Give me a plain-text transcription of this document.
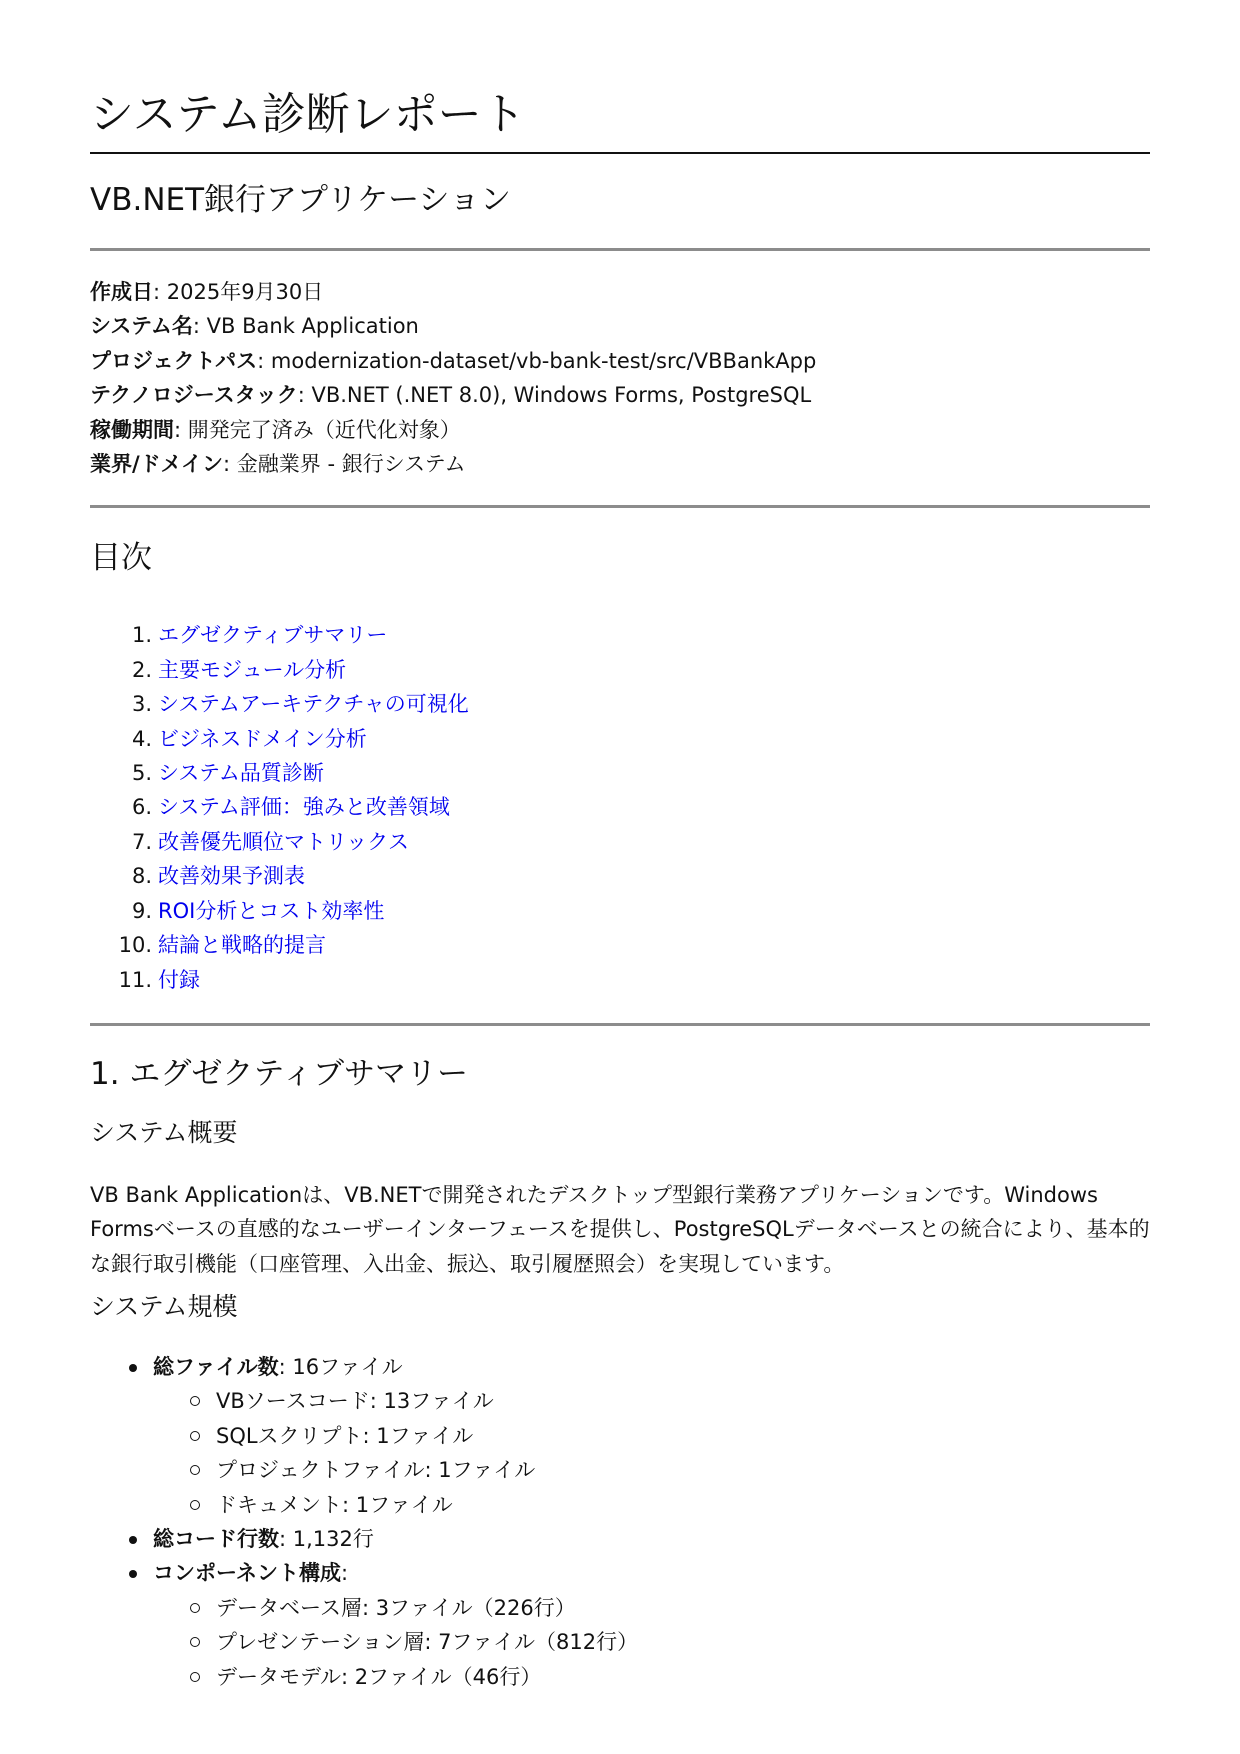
システム診断レポート
VB.NET銀行アプリケーション
作成日: 2025年9月30日
システム名: VB Bank Application
プロジェクトパス: modernization-dataset/vb-bank-test/src/VBBankApp
テクノロジースタック: VB.NET (.NET 8.0), Windows Forms, PostgreSQL
稼働期間: 開発完了済み（近代化対象）
業界/ドメイン: 金融業界 - 銀行システム
目次
1. エグゼクティブサマリー
2. 主要モジュール分析
3. システムアーキテクチャの可視化
4. ビジネスドメイン分析
5. システム品質診断
6. システム評価：強みと改善領域
7. 改善優先順位マトリックス
8. 改善効果予測表
9. ROI分析とコスト効率性
10. 結論と戦略的提言
11. 付録
1. エグゼクティブサマリー
システム概要

VB Bank Applicationは、VB.NETで開発されたデスクトップ型銀行業務アプリケーションです。Windows Formsベースの直感的なユーザーインターフェースを提供し、PostgreSQLデータベースとの統合により、基本的な銀行取引機能（口座管理、入出金、振込、取引履歴照会）を実現しています。

システム規模
総ファイル数: 16ファイル
VBソースコード: 13ファイル
SQLスクリプト: 1ファイル
プロジェクトファイル: 1ファイル
ドキュメント: 1ファイル
総コード行数: 1,132行
コンポーネント構成:
データベース層: 3ファイル（226行）
プレゼンテーション層: 7ファイル（812行）
データモデル: 2ファイル（46行）
